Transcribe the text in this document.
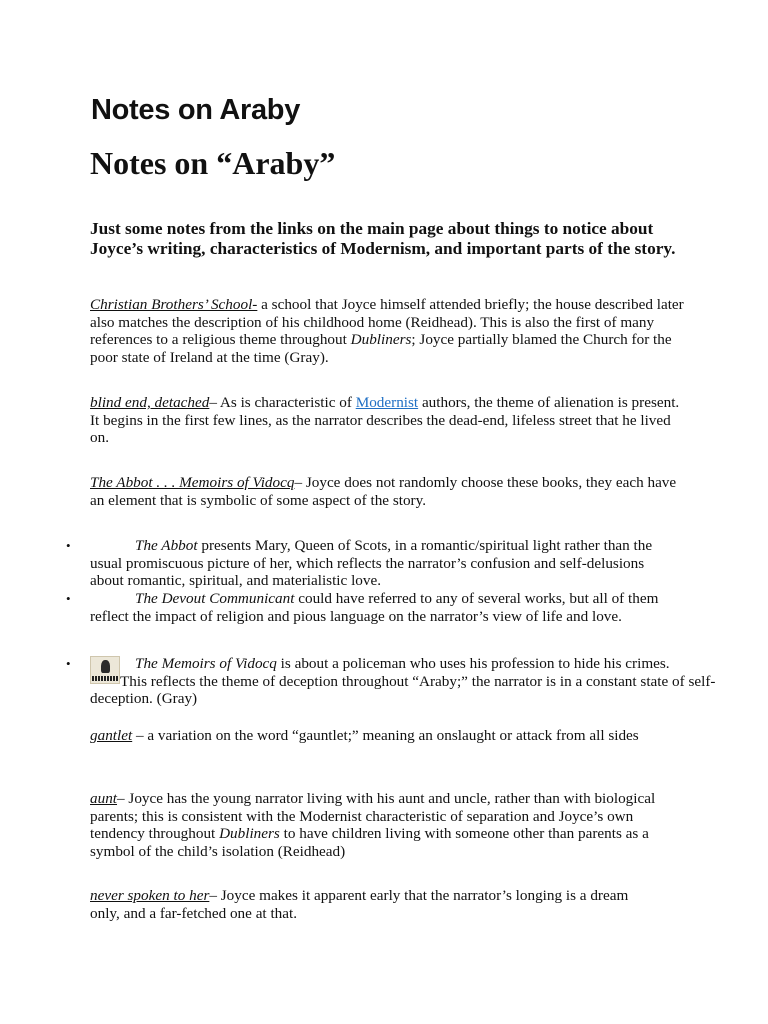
Notes on Araby
Notes on “Araby”

Just some notes from the links on the main page about things to notice about Joyce’s writing, characteristics of Modernism, and important parts of the story.

Christian Brothers’ School- a school that Joyce himself attended briefly; the house described later also matches the description of his childhood home (Reidhead). This is also the first of many references to a religious theme throughout Dubliners; Joyce partially blamed the Church for the poor state of Ireland at the time (Gray).

blind end, detached– As is characteristic of Modernist authors, the theme of alienation is present. It begins in the first few lines, as the narrator describes the dead-end, lifeless street that he lived on.

The Abbot . . . Memoirs of Vidocq– Joyce does not randomly choose these books, they each have an element that is symbolic of some aspect of the story.

•	The Abbot presents Mary, Queen of Scots, in a romantic/spiritual light rather than the usual promiscuous picture of her, which reflects the narrator’s confusion and self-delusions about romantic, spiritual, and materialistic love.

•	The Devout Communicant could have referred to any of several works, but all of them reflect the impact of religion and pious language on the narrator’s view of life and love.

•	The Memoirs of Vidocq is about a policeman who uses his profession to hide his crimes.
This reflects the theme of deception throughout “Araby;” the narrator is in a constant state of self-deception. (Gray)

gantlet – a variation on the word “gauntlet;” meaning an onslaught or attack from all sides

aunt– Joyce has the young narrator living with his aunt and uncle, rather than with biological parents; this is consistent with the Modernist characteristic of separation and Joyce’s own tendency throughout Dubliners to have children living with someone other than parents as a symbol of the child’s isolation (Reidhead)

never spoken to her– Joyce makes it apparent early that the narrator’s longing is a dream only, and a far-fetched one at that.
